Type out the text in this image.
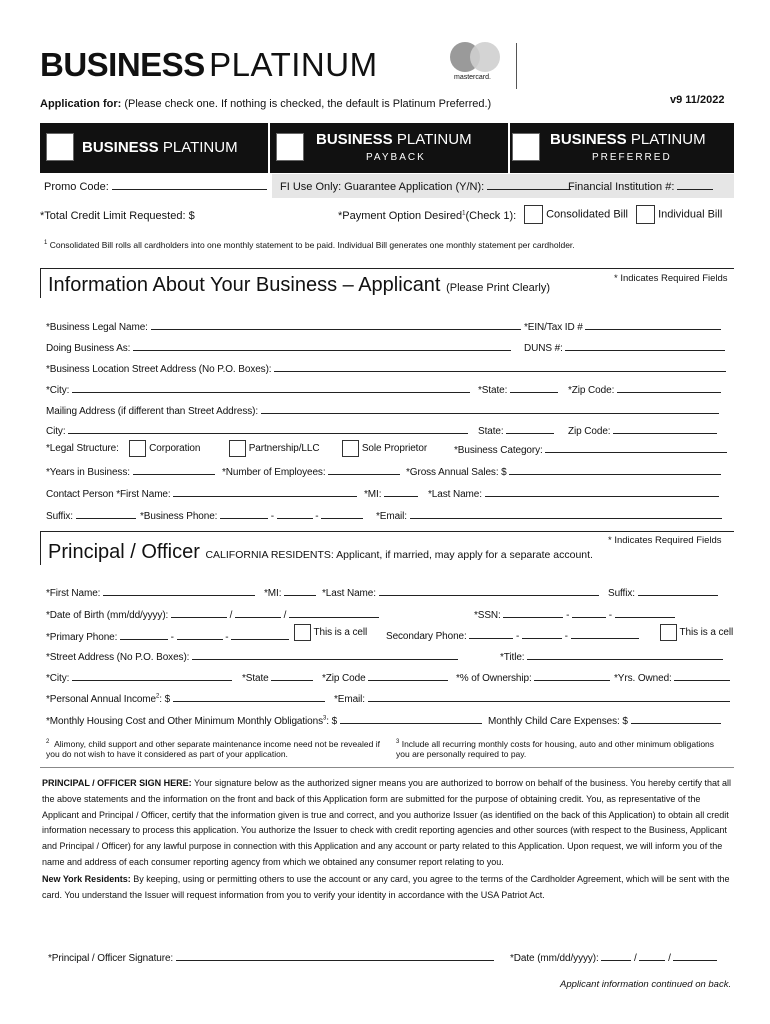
BUSINESS PLATINUM	mastercard.
v9 11/2022
Application for: (Please check one. If nothing is checked, the default is Platinum Preferred.)
BUSINESS PLATINUM	BUSINESS PLATINUM
PAYBACK
BUSINESS PLATINUM
PREFERRED
Promo Code:	FI Use Only: Guarantee Application (Y/N):	Financial Institution #:
*Total Credit Limit Requested: $	*Payment Option Desired$^1$(Check 1):	Consolidated Bill	Individual Bill
$^1$ Consolidated Bill rolls all cardholders into one monthly statement to be paid. Individual Bill generates one monthly statement per cardholder.
Information About Your Business – Applicant (Please Print Clearly)
* Indicates Required Fields
*Business Legal Name:	*EIN/Tax ID #
Doing Business As:	DUNS #:
*Business Location Street Address (No P.O. Boxes):
*City:	*State:	*Zip Code:
Mailing Address (if different than Street Address):
City:	State:	Zip Code:
*Legal Structure:	Corporation	Partnership/LLC	Sole Proprietor	*Business Category:
*Years in Business:	*Number of Employees:	*Gross Annual Sales: $
Contact Person *First Name:	*MI:	*Last Name:
Suffix:	*Business Phone:	-	-	*Email:
Principal / Officer CALIFORNIA RESIDENTS: Applicant, if married, may apply for a separate account.
* Indicates Required Fields
*First Name:	*MI:	*Last Name:	Suffix:
*Date of Birth (mm/dd/yyyy):	/	/	*SSN:	-	-
*Primary Phone:	-	-	This is a cell Secondary Phone:	-	-	This is a cell
*Street Address (No P.O. Boxes):	*Title:
*City:	*State	*Zip Code	*% of Ownership:	*Yrs. Owned:
*Personal Annual Income$^2$: $	*Email:
*Monthly Housing Cost and Other Minimum Monthly Obligations$^3$: $	Monthly Child Care Expenses: $
$^2$ Alimony, child support and other separate maintenance income need not be revealed if you do not wish to have it considered as part of your application.
$^3$ Include all recurring monthly costs for housing, auto and other minimum obligations you are personally required to pay.
PRINCIPAL / OFFICER SIGN HERE: Your signature below as the authorized signer means you are authorized to borrow on behalf of the business. You hereby certify that all the above statements and the information on the front and back of this Application form are submitted for the purpose of obtaining credit. You, as representative of the Applicant and Principal / Officer, certify that the information given is true and correct, and you authorize Issuer (as identified on the back of this Application) to obtain all credit information necessary to process this application. You authorize the Issuer to check with credit reporting agencies and other sources (with respect to the Business, Applicant and Principal / Officer) for any lawful purpose in connection with this Application and any account or party related to this Application. Upon request, we will inform you of the name and address of each consumer reporting agency from which we obtained any consumer report relating to you.
New York Residents: By keeping, using or permitting others to use the account or any card, you agree to the terms of the Cardholder Agreement, which will be sent with the card. You understand the Issuer will request information from you to verify your identity in accordance with the USA Patriot Act.
*Principal / Officer Signature:	*Date (mm/dd/yyyy):	/	/
Applicant information continued on back.
